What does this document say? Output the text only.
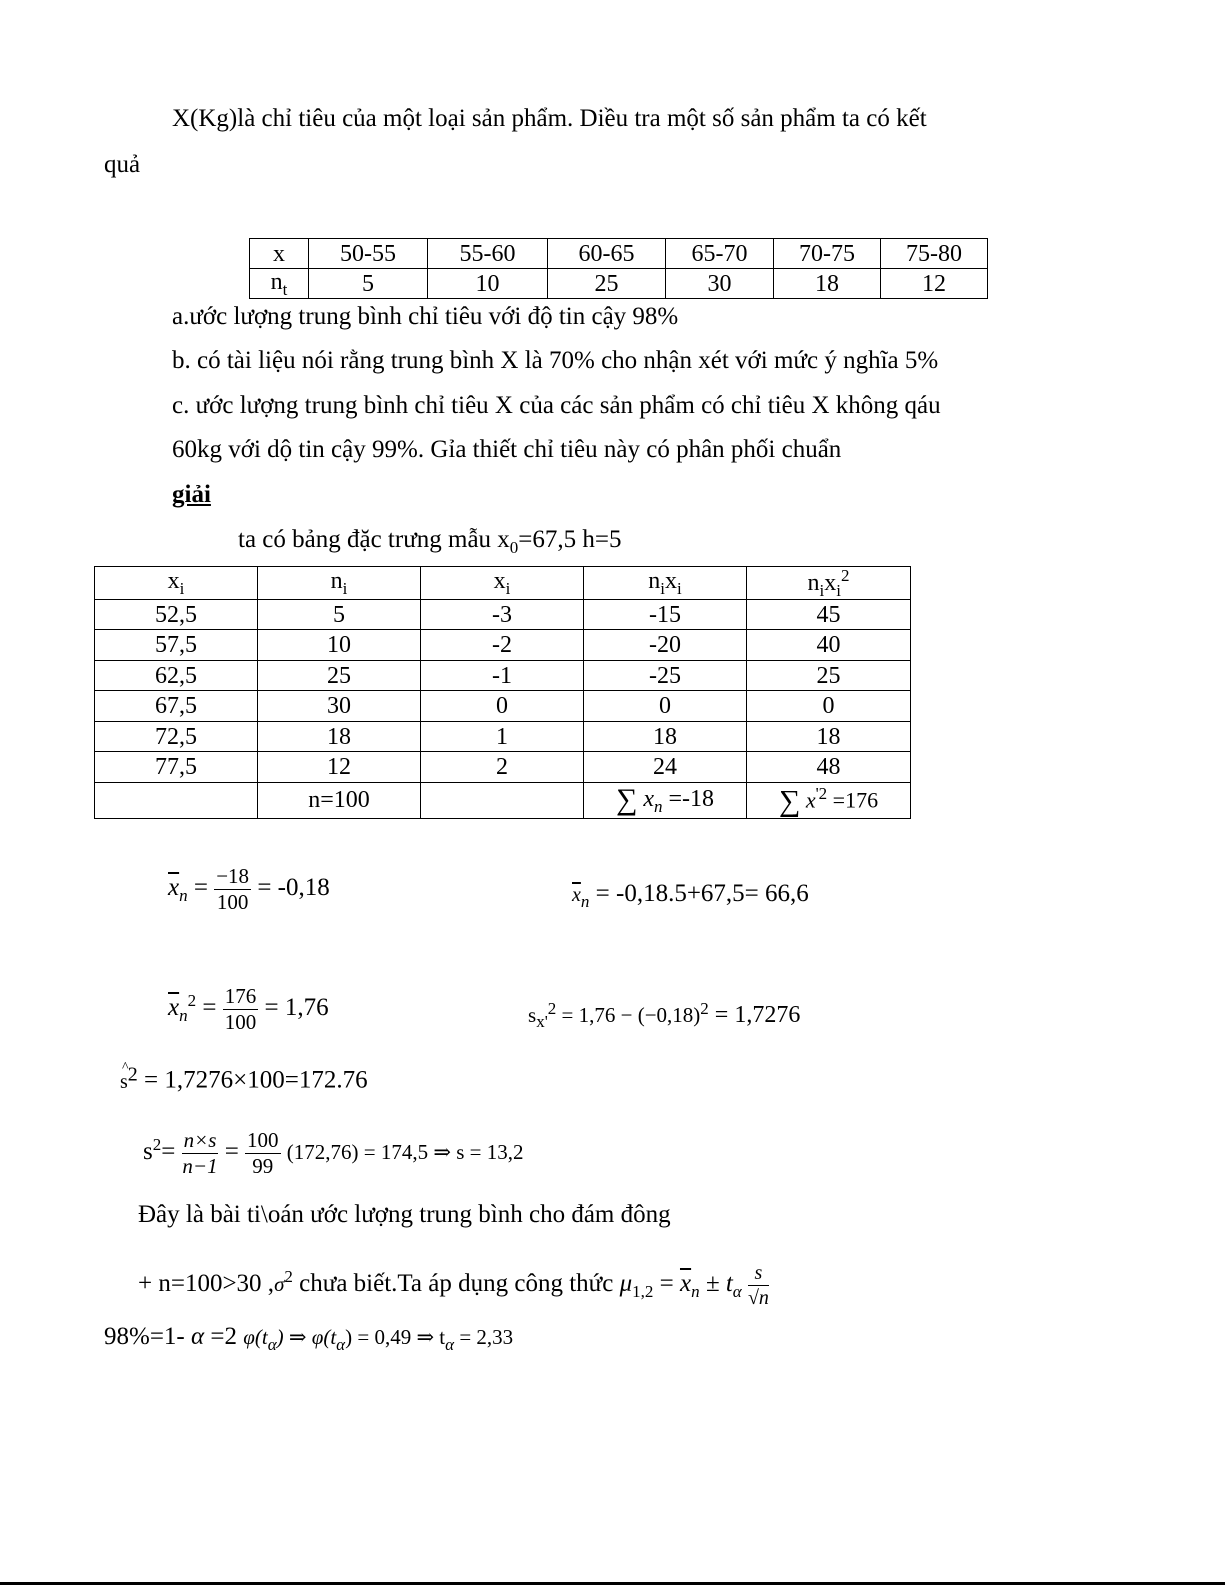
X(Kg)là chỉ tiêu của một loại sản phẩm. Diều tra một số sản phẩm ta có kết
quả
x	50-55	55-60	60-65	65-70	70-75	75-80
$n_t$	5	10	25	30	18	12
a.ước lượng trung bình chỉ tiêu với độ tin cậy 98%
b. có tài liệu nói rằng trung bình X là 70% cho nhận xét với mức ý nghĩa 5%
c. ước lượng trung bình chỉ tiêu X của các sản phẩm có chỉ tiêu X không qáu
60kg với dộ tin cậy 99%. Gỉa thiết chỉ tiêu này có phân phối chuẩn
giải
ta có bảng đặc trưng mẫu $x_0=67,5$ h=5
$x_i$	$n_i$	$x_i$	$n_ix_i$	$n_ix_i^2$
52,5	5	-3	-15	45
57,5	10	-2	-20	40
62,5	25	-1	-25	25
67,5	30	0	0	0
72,5	18	1	18	18
77,5	12	2	24	48
	n=100		∑ $x_n =-18$	∑ $x^{'2} =176$
$\overline{x}_n = \frac{-18}{100} = -0,18$	$\overline{x}_n = -0,18.5+67,5= 66,6$
$\overline{x}_n^2 = \frac{176}{100} = 1,76$	$s_{x'}^2 = 1,76 - (-0,18)^2 = 1,7276$
^
$s^2 = 1,7276\times 100=172.76$
$s^2= \frac{n\times s}{n-1} = \frac{100}{99} (172,76) = 174,5$ ⇒ s = 13,2
Đây là bài ti\oán ước lượng trung bình cho đám đông
+ n=100>30 $,\sigma^2$ chưa biết.Ta áp dụng công thức $\mu_{1,2} = \overline{x}_n \pm t_\alpha \frac{s}{√n}$
98%=1- α =2 $\varphi(t_\alpha)$ ⇒ $\varphi(t_\alpha) = 0,49$ ⇒ $t_\alpha = 2,33$
